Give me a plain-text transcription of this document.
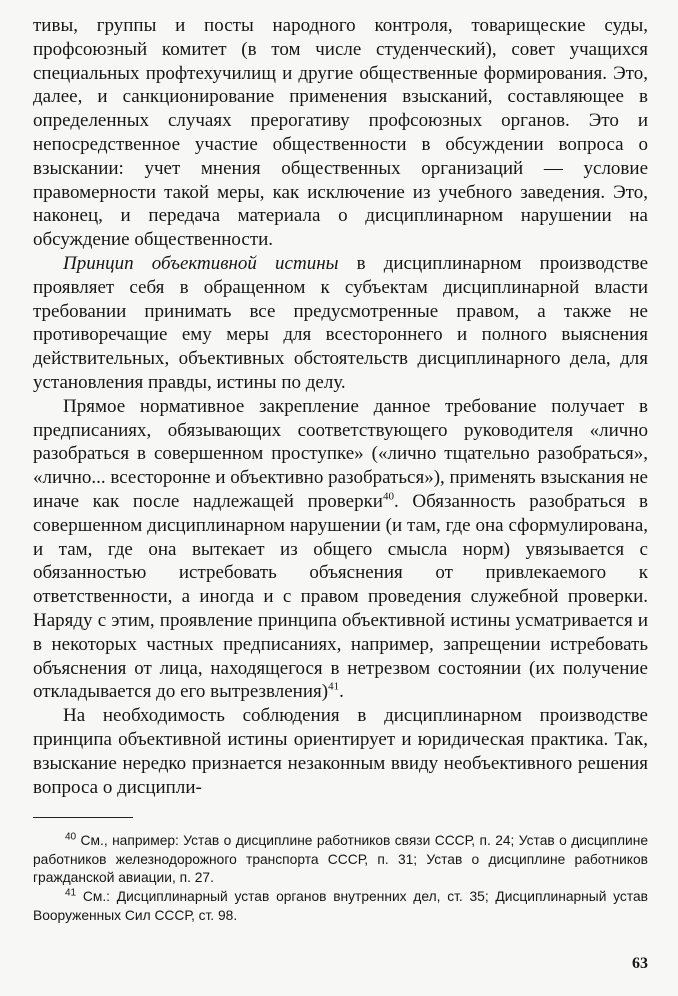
тивы, группы и посты народного контроля, товарищеские суды, профсоюзный комитет (в том числе студенческий), совет учащихся специальных профтехучилищ и другие общественные формирования. Это, далее, и санкционирование применения взысканий, составляющее в определенных случаях прерогативу профсоюзных органов. Это и непосредственное участие общественности в обсуждении вопроса о взыскании: учет мнения общественных организаций — условие правомерности такой меры, как исключение из учебного заведения. Это, наконец, и передача материала о дисциплинарном нарушении на обсуждение общественности.

Принцип объективной истины в дисциплинарном производстве проявляет себя в обращенном к субъектам дисциплинарной власти требовании принимать все предусмотренные правом, а также не противоречащие ему меры для всестороннего и полного выяснения действительных, объективных обстоятельств дисциплинарного дела, для установления правды, истины по делу.

Прямое нормативное закрепление данное требование получает в предписаниях, обязывающих соответствующего руководителя «лично разобраться в совершенном проступке» («лично тщательно разобраться», «лично... всесторонне и объективно разобраться»), применять взыскания не иначе как после надлежащей проверки$^{40}$. Обязанность разобраться в совершенном дисциплинарном нарушении (и там, где она сформулирована, и там, где она вытекает из общего смысла норм) увязывается с обязанностью истребовать объяснения от привлекаемого к ответственности, а иногда и с правом проведения служебной проверки. Наряду с этим, проявление принципа объективной истины усматривается и в некоторых частных предписаниях, например, запрещении истребовать объяснения от лица, находящегося в нетрезвом состоянии (их получение откладывается до его вытрезвления)$^{41}$.

На необходимость соблюдения в дисциплинарном производстве принципа объективной истины ориентирует и юридическая практика. Так, взыскание нередко признается незаконным ввиду необъективного решения вопроса о дисципли-

$^{40}$ См., например: Устав о дисциплине работников связи СССР, п. 24; Устав о дисциплине работников железнодорожного транспорта СССР, п. 31; Устав о дисциплине работников гражданской авиации, п. 27.

$^{41}$ См.: Дисциплинарный устав органов внутренних дел, ст. 35; Дисциплинарный устав Вооруженных Сил СССР, ст. 98.

63
